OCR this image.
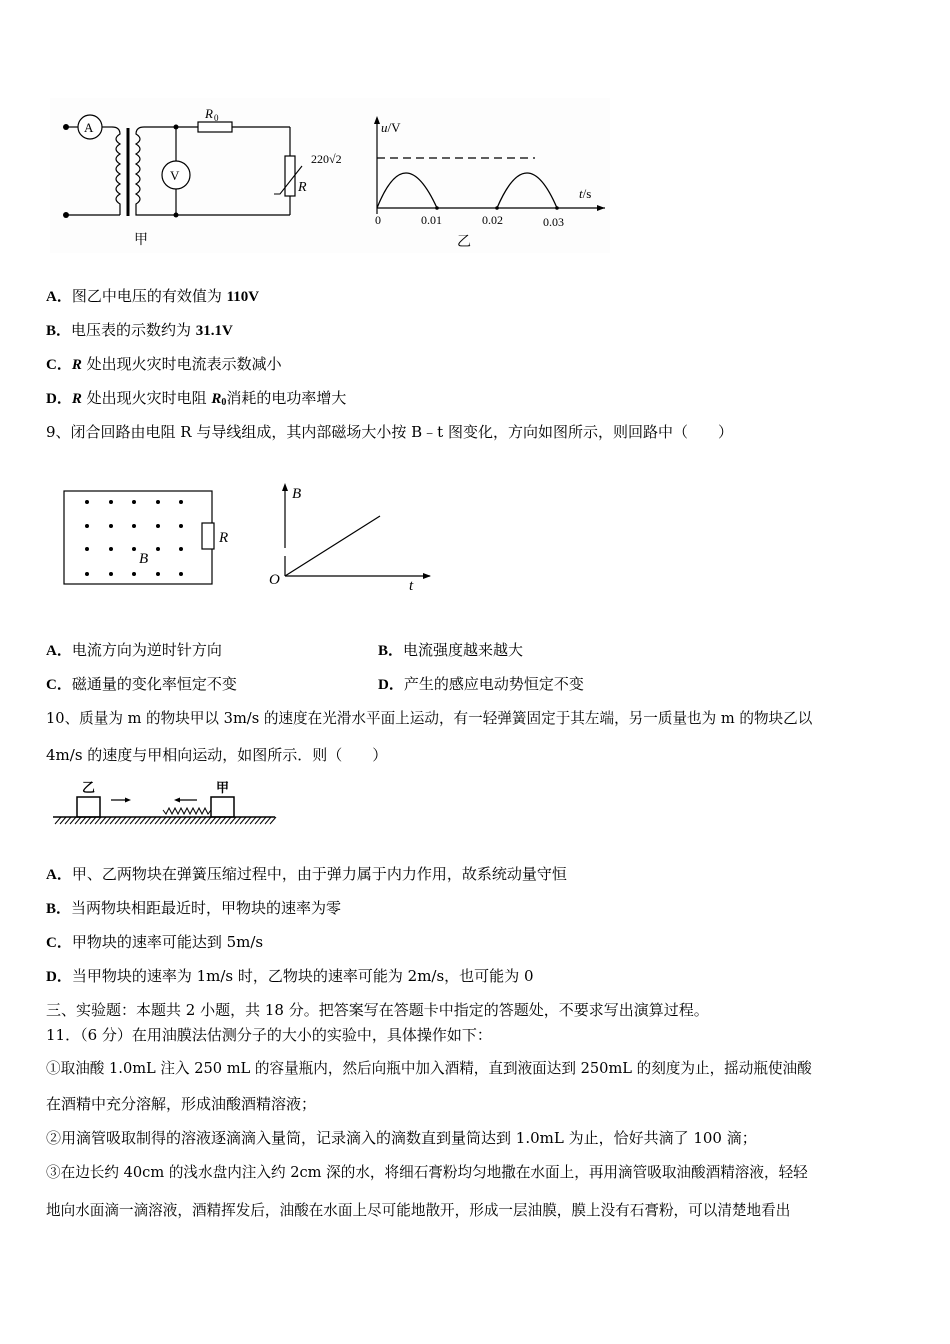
A
V
R 0
R
甲
u/V
220√2
t/s
0	0.01	0.02	0.03
乙
A．图乙中电压的有效值为 110V
B．电压表的示数约为 31.1V
C．R 处出现火灾时电流表示数减小
D．R 处出现火灾时电阻 $R_0$消耗的电功率增大
9、闭合回路由电阻 R 与导线组成，其内部磁场大小按 B﹣t 图变化，方向如图所示，则回路中（　　）
R
B
B
O	t
A．电流方向为逆时针方向	B．电流强度越来越大
C．磁通量的变化率恒定不变	D．产生的感应电动势恒定不变
10、质量为 m 的物块甲以 3m/s 的速度在光滑水平面上运动，有一轻弹簧固定于其左端，另一质量也为 m 的物块乙以
4m/s 的速度与甲相向运动，如图所示．则（　　）
乙	甲
A．甲、乙两物块在弹簧压缩过程中，由于弹力属于内力作用，故系统动量守恒
B．当两物块相距最近时，甲物块的速率为零
C．甲物块的速率可能达到 5m/s
D．当甲物块的速率为 1m/s 时，乙物块的速率可能为 2m/s，也可能为 0
三、实验题：本题共 2 小题，共 18 分。把答案写在答题卡中指定的答题处，不要求写出演算过程。
11．（6 分）在用油膜法估测分子的大小的实验中，具体操作如下：
①取油酸 1.0mL 注入 250 mL 的容量瓶内，然后向瓶中加入酒精，直到液面达到 250mL 的刻度为止，摇动瓶使油酸
在酒精中充分溶解，形成油酸酒精溶液；
②用滴管吸取制得的溶液逐滴滴入量筒，记录滴入的滴数直到量筒达到 1.0mL 为止，恰好共滴了 100 滴；
③在边长约 40cm 的浅水盘内注入约 2cm 深的水，将细石膏粉均匀地撒在水面上，再用滴管吸取油酸酒精溶液，轻轻
地向水面滴一滴溶液，酒精挥发后，油酸在水面上尽可能地散开，形成一层油膜，膜上没有石膏粉，可以清楚地看出
